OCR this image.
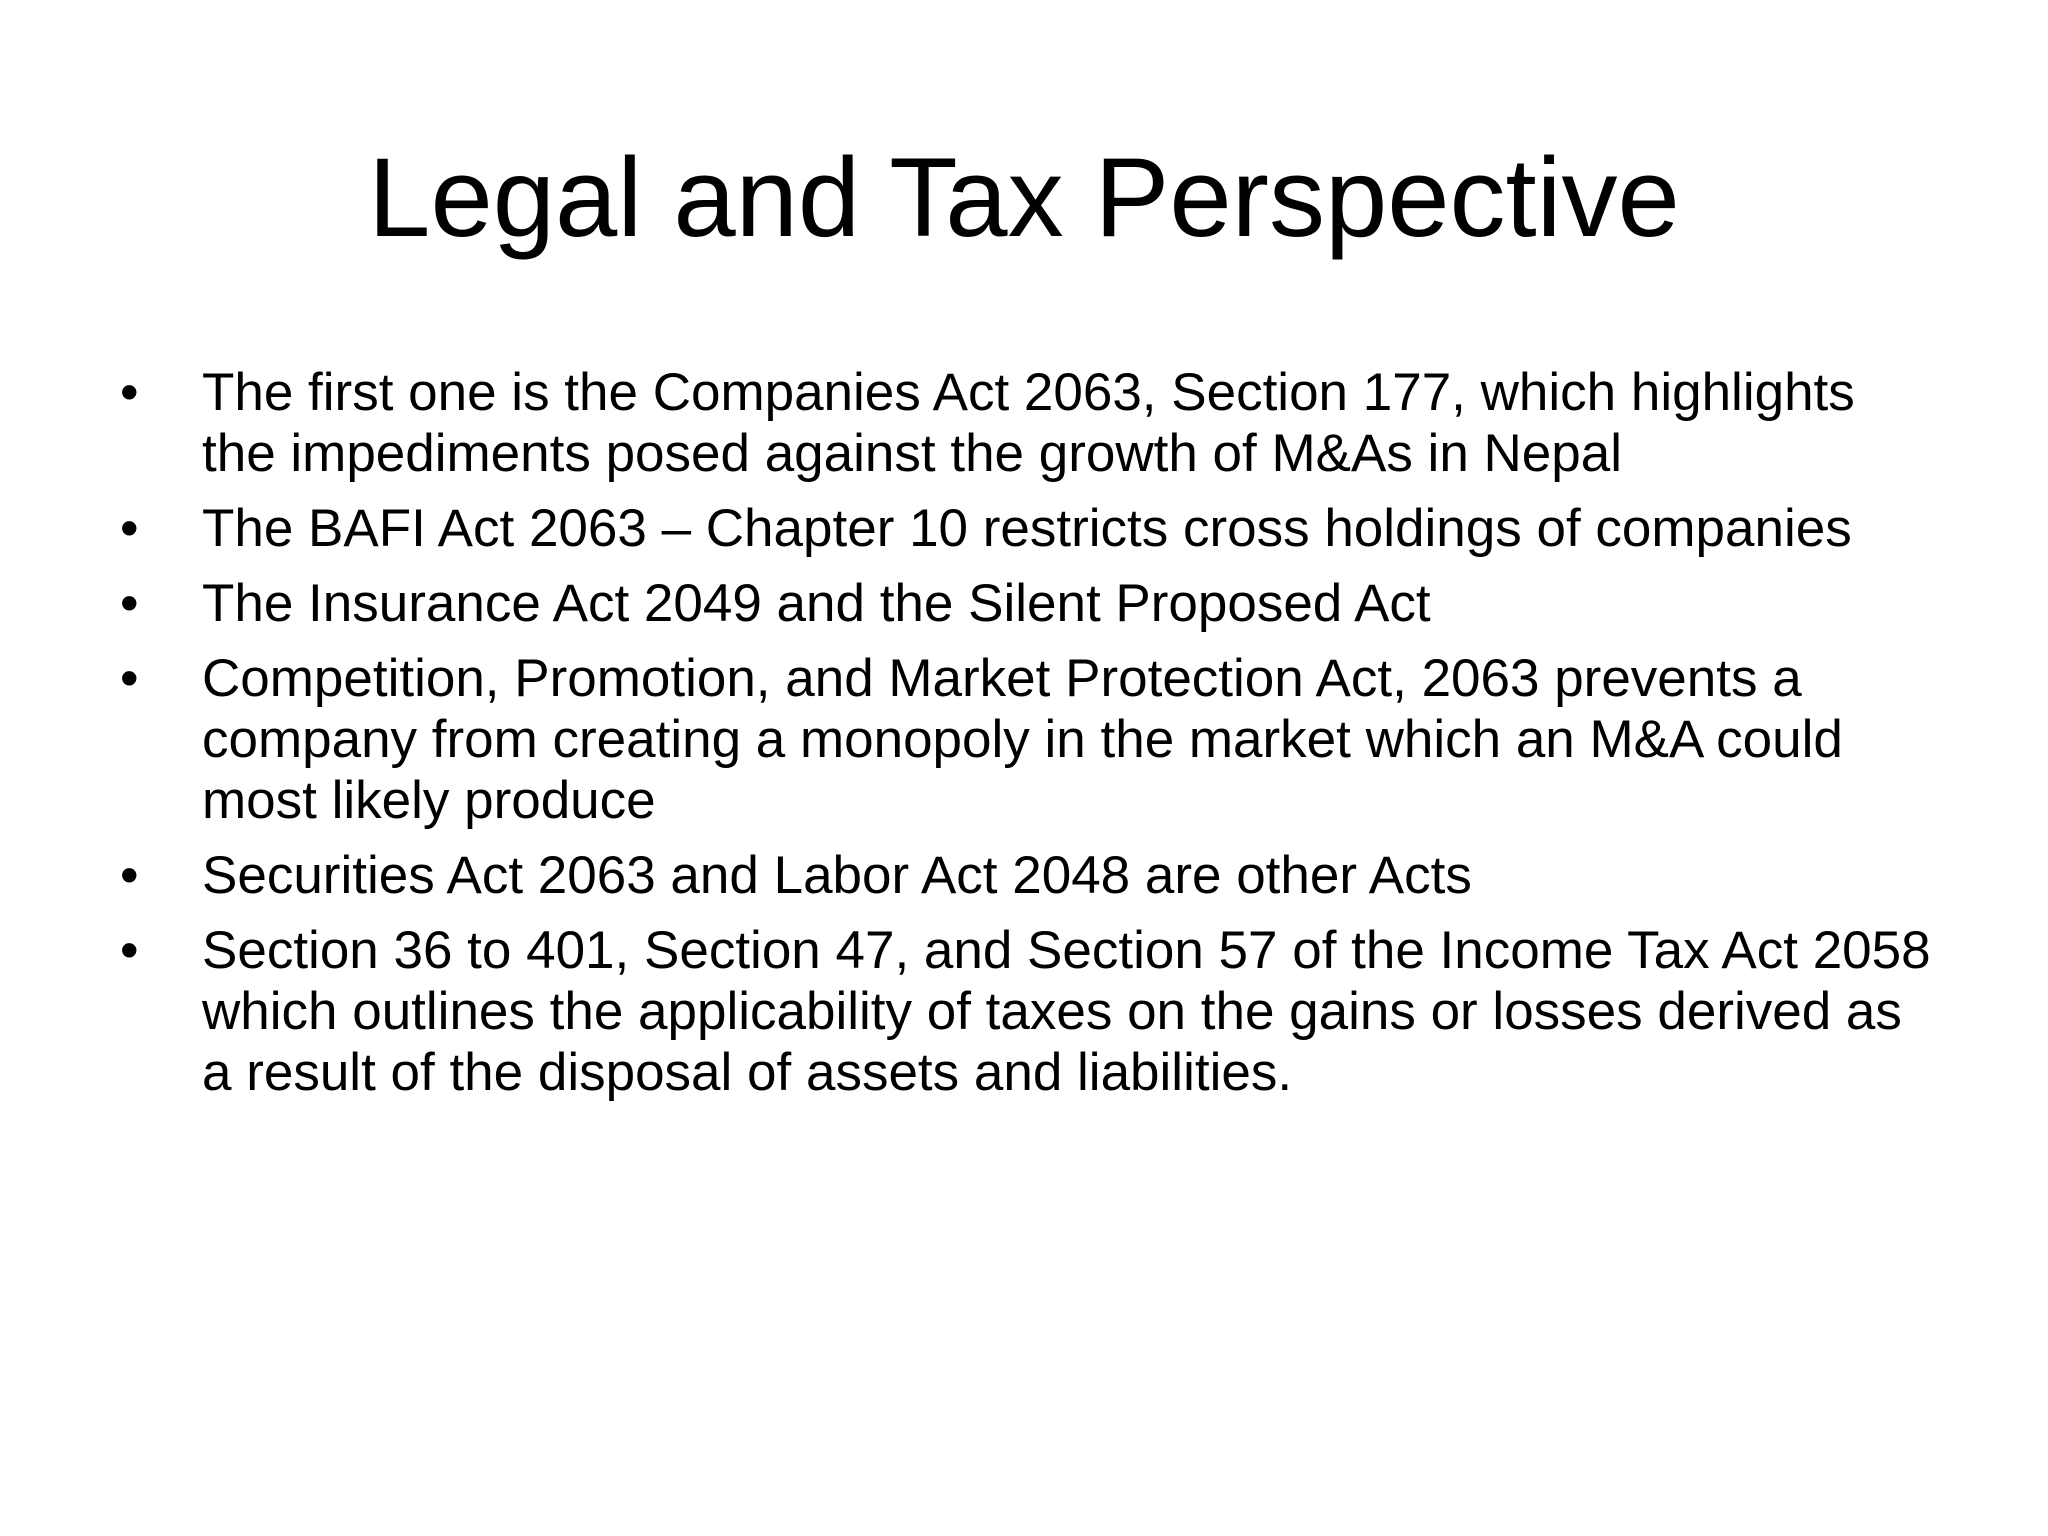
Legal and Tax Perspective
•	The first one is the Companies Act 2063, Section 177, which highlights the impediments posed against the growth of M&As in Nepal
•	The BAFI Act 2063 – Chapter 10 restricts cross holdings of companies
•	The Insurance Act 2049 and the Silent Proposed Act
•	Competition, Promotion, and Market Protection Act, 2063 prevents a company from creating a monopoly in the market which an M&A could most likely produce
•	Securities Act 2063 and Labor Act 2048 are other Acts
•	Section 36 to 401, Section 47, and Section 57 of the Income Tax Act 2058 which outlines the applicability of taxes on the gains or losses derived as a result of the disposal of assets and liabilities.
